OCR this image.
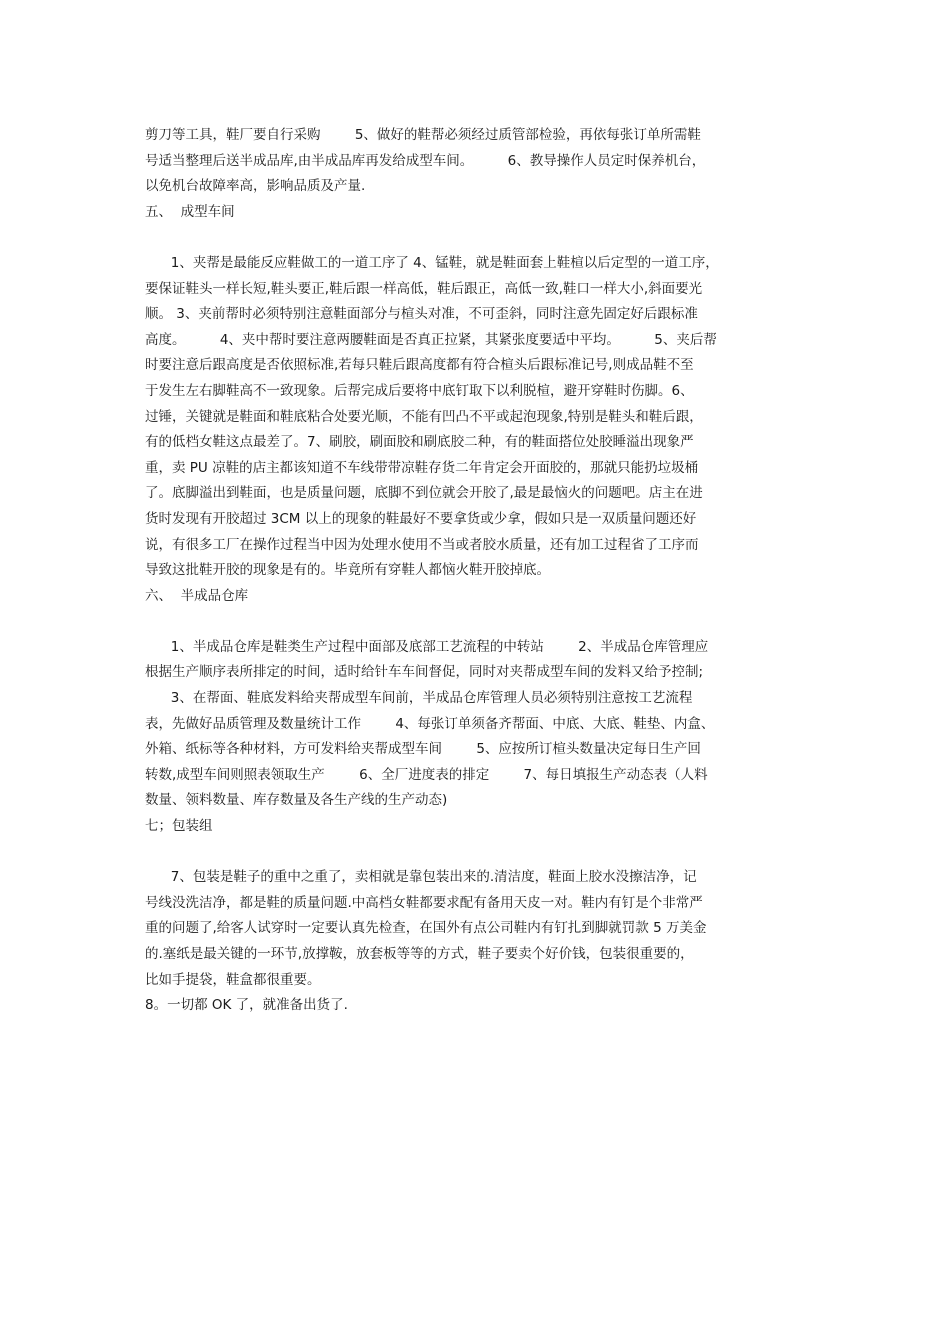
剪刀等工具，鞋厂要自行采购        5、做好的鞋帮必须经过质管部检验，再依每张订单所需鞋
号适当整理后送半成品库,由半成品库再发给成型车间。        6、教导操作人员定时保养机台，
以免机台故障率高，影响品质及产量.
五、  成型车间
1、夹帮是最能反应鞋做工的一道工序了 4、锰鞋，就是鞋面套上鞋楦以后定型的一道工序，
要保证鞋头一样长短,鞋头要正,鞋后跟一样高低，鞋后跟正，高低一致,鞋口一样大小,斜面要光
顺。 3、夹前帮时必须特别注意鞋面部分与楦头对准，不可歪斜，同时注意先固定好后跟标准
高度。        4、夹中帮时要注意两腰鞋面是否真正拉紧，其紧张度要适中平均。        5、夹后帮
时要注意后跟高度是否依照标准,若每只鞋后跟高度都有符合楦头后跟标准记号,则成品鞋不至
于发生左右脚鞋高不一致现象。后帮完成后要将中底钉取下以利脱楦，避开穿鞋时伤脚。6、
过锤，关键就是鞋面和鞋底粘合处要光顺，不能有凹凸不平或起泡现象,特别是鞋头和鞋后跟，
有的低档女鞋这点最差了。7、刷胶，刷面胶和刷底胶二种，有的鞋面搭位处胶睡溢出现象严
重，卖 PU 凉鞋的店主都该知道不车线带带凉鞋存货二年肯定会开面胶的，那就只能扔垃圾桶
了。底脚溢出到鞋面，也是质量问题，底脚不到位就会开胶了,最是最恼火的问题吧。店主在进
货时发现有开胶超过 3CM 以上的现象的鞋最好不要拿货或少拿，假如只是一双质量问题还好
说，有很多工厂在操作过程当中因为处理水使用不当或者胶水质量，还有加工过程省了工序而
导致这批鞋开胶的现象是有的。毕竟所有穿鞋人都恼火鞋开胶掉底。
六、  半成品仓库
1、半成品仓库是鞋类生产过程中面部及底部工艺流程的中转站        2、半成品仓库管理应
根据生产顺序表所排定的时间，适时给针车车间督促，同时对夹帮成型车间的发料又给予控制;
3、在帮面、鞋底发料给夹帮成型车间前，半成品仓库管理人员必须特别注意按工艺流程
表，先做好品质管理及数量统计工作        4、每张订单须备齐帮面、中底、大底、鞋垫、内盒、
外箱、纸标等各种材料，方可发料给夹帮成型车间        5、应按所订楦头数量决定每日生产回
转数,成型车间则照表领取生产        6、全厂进度表的排定        7、每日填报生产动态表（人料
数量、领料数量、库存数量及各生产线的生产动态)
七；包装组
7、包装是鞋子的重中之重了，卖相就是靠包装出来的.清洁度，鞋面上胶水没擦洁净，记
号线没洗洁净，都是鞋的质量问题.中高档女鞋都要求配有备用天皮一对。鞋内有钉是个非常严
重的问题了,给客人试穿时一定要认真先检查，在国外有点公司鞋内有钉扎到脚就罚款 5 万美金
的.塞纸是最关键的一环节,放撑鞍，放套板等等的方式，鞋子要卖个好价钱，包装很重要的，
比如手提袋，鞋盒都很重要。
8。一切都 OK 了，就准备出货了.
